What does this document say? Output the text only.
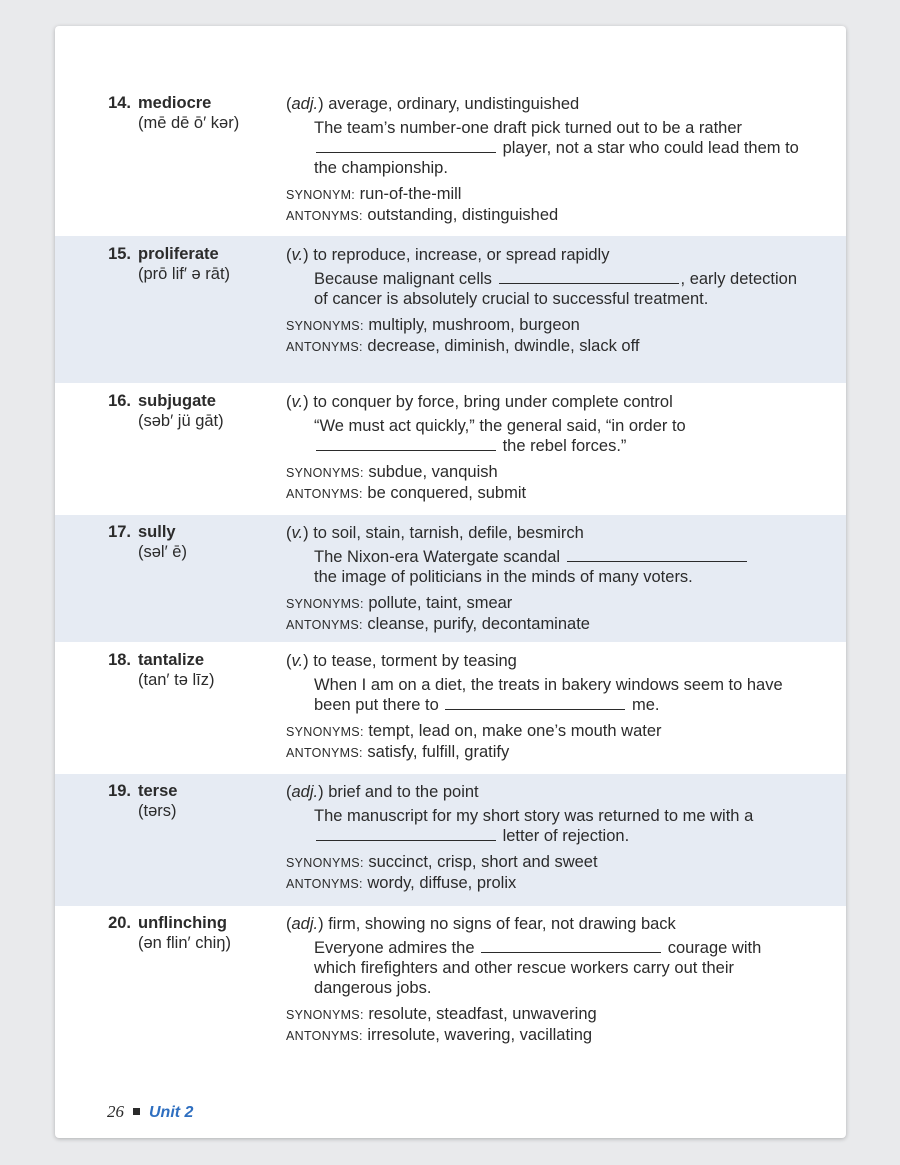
14. mediocre
(mē dē ō′ kər)

(adj.) average, ordinary, undistinguished

The team’s number-one draft pick turned out to be a rather
player, not a star who could lead them to the championship.

SYNONYM: run-of-the-mill
ANTONYMS: outstanding, distinguished
15. proliferate
(prō lif′ ə rāt)

(v.) to reproduce, increase, or spread rapidly

Because malignant cells	, early detection of cancer is absolutely crucial to successful treatment.

SYNONYMS: multiply, mushroom, burgeon
ANTONYMS: decrease, diminish, dwindle, slack off
16. subjugate
(səb′ jü gāt)

(v.) to conquer by force, bring under complete control

“We must act quickly,” the general said, “in order to
the rebel forces.”

SYNONYMS: subdue, vanquish
ANTONYMS: be conquered, submit
17. sully
(səl′ ē)

(v.) to soil, stain, tarnish, defile, besmirch

The Nixon-era Watergate scandal
the image of politicians in the minds of many voters.

SYNONYMS: pollute, taint, smear
ANTONYMS: cleanse, purify, decontaminate
18. tantalize
(tan′ tə līz)

(v.) to tease, torment by teasing

When I am on a diet, the treats in bakery windows seem to have been put there to	me.

SYNONYMS: tempt, lead on, make one’s mouth water
ANTONYMS: satisfy, fulfill, gratify
19. terse
(tərs)

(adj.) brief and to the point

The manuscript for my short story was returned to me with a
letter of rejection.

SYNONYMS: succinct, crisp, short and sweet
ANTONYMS: wordy, diffuse, prolix
20. unflinching
(ən flin′ chiŋ)

(adj.) firm, showing no signs of fear, not drawing back

Everyone admires the	courage with which firefighters and other rescue workers carry out their dangerous jobs.

SYNONYMS: resolute, steadfast, unwavering
ANTONYMS: irresolute, wavering, vacillating
26 Unit 2
